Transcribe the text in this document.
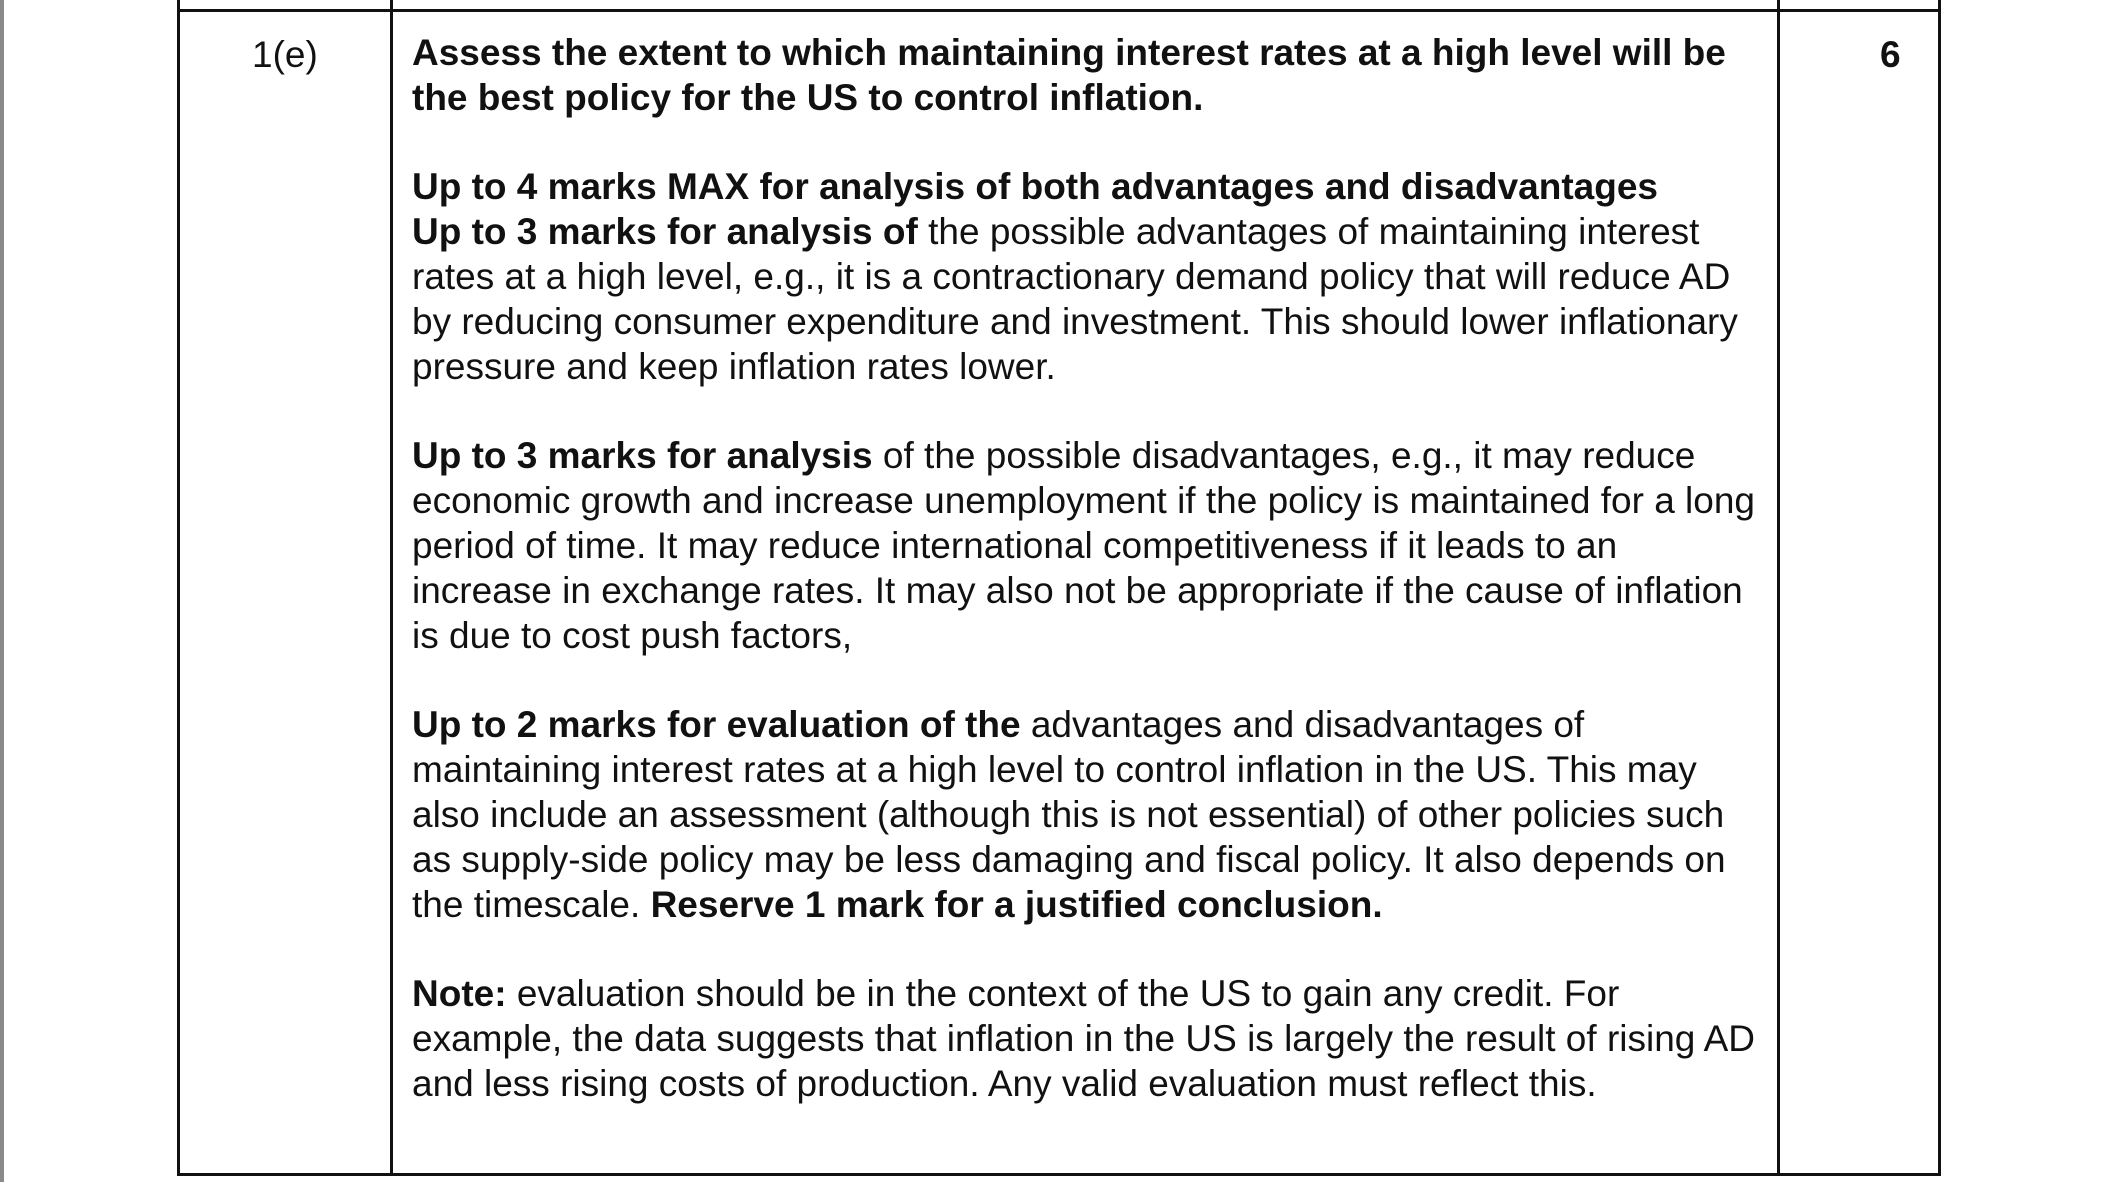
1(e)	6

Assess the extent to which maintaining interest rates at a high level will be the best policy for the US to control inflation.

Up to 4 marks MAX for analysis of both advantages and disadvantages
Up to 3 marks for analysis of the possible advantages of maintaining interest rates at a high level, e.g., it is a contractionary demand policy that will reduce AD by reducing consumer expenditure and investment. This should lower inflationary pressure and keep inflation rates lower.

Up to 3 marks for analysis of the possible disadvantages, e.g., it may reduce economic growth and increase unemployment if the policy is maintained for a long period of time. It may reduce international competitiveness if it leads to an increase in exchange rates. It may also not be appropriate if the cause of inflation is due to cost push factors,

Up to 2 marks for evaluation of the advantages and disadvantages of maintaining interest rates at a high level to control inflation in the US. This may also include an assessment (although this is not essential) of other policies such as supply-side policy may be less damaging and fiscal policy. It also depends on the timescale. Reserve 1 mark for a justified conclusion.

Note: evaluation should be in the context of the US to gain any credit. For example, the data suggests that inflation in the US is largely the result of rising AD and less rising costs of production. Any valid evaluation must reflect this.
